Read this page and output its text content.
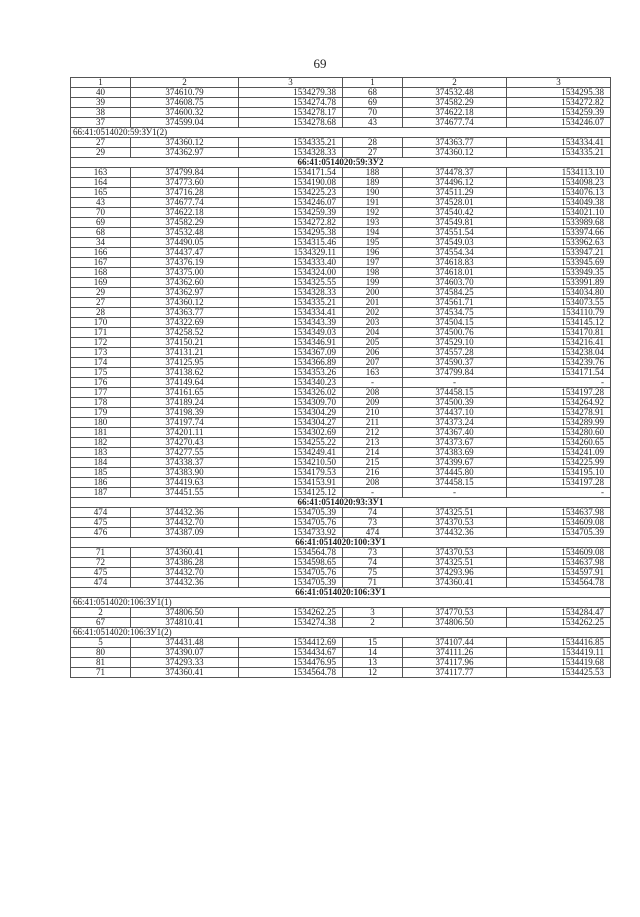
69
1	2	3	1	2	3
40	374610.79	1534279.38	68	374532.48	1534295.38
39	374608.75	1534274.78	69	374582.29	1534272.82
38	374600.32	1534278.17	70	374622.18	1534259.39
37	374599.04	1534278.68	43	374677.74	1534246.07
66:41:0514020:59:ЗУ1(2)					
27	374360.12	1534335.21	28	374363.77	1534334.41
29	374362.97	1534328.33	27	374360.12	1534335.21
66:41:0514020:59:ЗУ2					
163	374799.84	1534171.54	188	374478.37	1534113.10
164	374773.60	1534190.08	189	374496.12	1534098.23
165	374716.28	1534225.23	190	374511.29	1534076.13
43	374677.74	1534246.07	191	374528.01	1534049.38
70	374622.18	1534259.39	192	374540.42	1534021.10
69	374582.29	1534272.82	193	374549.81	1533989.68
68	374532.48	1534295.38	194	374551.54	1533974.66
34	374490.05	1534315.46	195	374549.03	1533962.63
166	374437.47	1534329.11	196	374554.34	1533947.21
167	374376.19	1534333.40	197	374618.83	1533945.69
168	374375.00	1534324.00	198	374618.01	1533949.35
169	374362.60	1534325.55	199	374603.70	1533991.89
29	374362.97	1534328.33	200	374584.25	1534034.80
27	374360.12	1534335.21	201	374561.71	1534073.55
28	374363.77	1534334.41	202	374534.75	1534110.79
170	374322.69	1534343.39	203	374504.15	1534145.12
171	374258.52	1534349.03	204	374500.76	1534170.81
172	374150.21	1534346.91	205	374529.10	1534216.41
173	374131.21	1534367.09	206	374557.28	1534238.04
174	374125.95	1534366.89	207	374590.37	1534239.76
175	374138.62	1534353.26	163	374799.84	1534171.54
176	374149.64	1534340.23	-	-	-
177	374161.65	1534326.02	208	374458.15	1534197.28
178	374189.24	1534309.70	209	374500.39	1534264.92
179	374198.39	1534304.29	210	374437.10	1534278.91
180	374197.74	1534304.27	211	374373.24	1534289.99
181	374201.11	1534302.69	212	374367.40	1534280.60
182	374270.43	1534255.22	213	374373.67	1534260.65
183	374277.55	1534249.41	214	374383.69	1534241.09
184	374338.37	1534210.50	215	374399.67	1534225.99
185	374383.90	1534179.53	216	374445.80	1534195.10
186	374419.63	1534153.91	208	374458.15	1534197.28
187	374451.55	1534125.12	-	-	-
66:41:0514020:93:ЗУ1					
474	374432.36	1534705.39	74	374325.51	1534637.98
475	374432.70	1534705.76	73	374370.53	1534609.08
476	374387.09	1534733.92	474	374432.36	1534705.39
66:41:0514020:100:ЗУ1					
71	374360.41	1534564.78	73	374370.53	1534609.08
72	374386.28	1534598.65	74	374325.51	1534637.98
475	374432.70	1534705.76	75	374293.96	1534597.91
474	374432.36	1534705.39	71	374360.41	1534564.78
66:41:0514020:106:ЗУ1					
66:41:0514020:106:ЗУ1(1)					
2	374806.50	1534262.25	3	374770.53	1534284.47
67	374810.41	1534274.38	2	374806.50	1534262.25
66:41:0514020:106:ЗУ1(2)					
5	374431.48	1534412.69	15	374107.44	1534416.85
80	374390.07	1534434.67	14	374111.26	1534419.11
81	374293.33	1534476.95	13	374117.96	1534419.68
71	374360.41	1534564.78	12	374117.77	1534425.53
